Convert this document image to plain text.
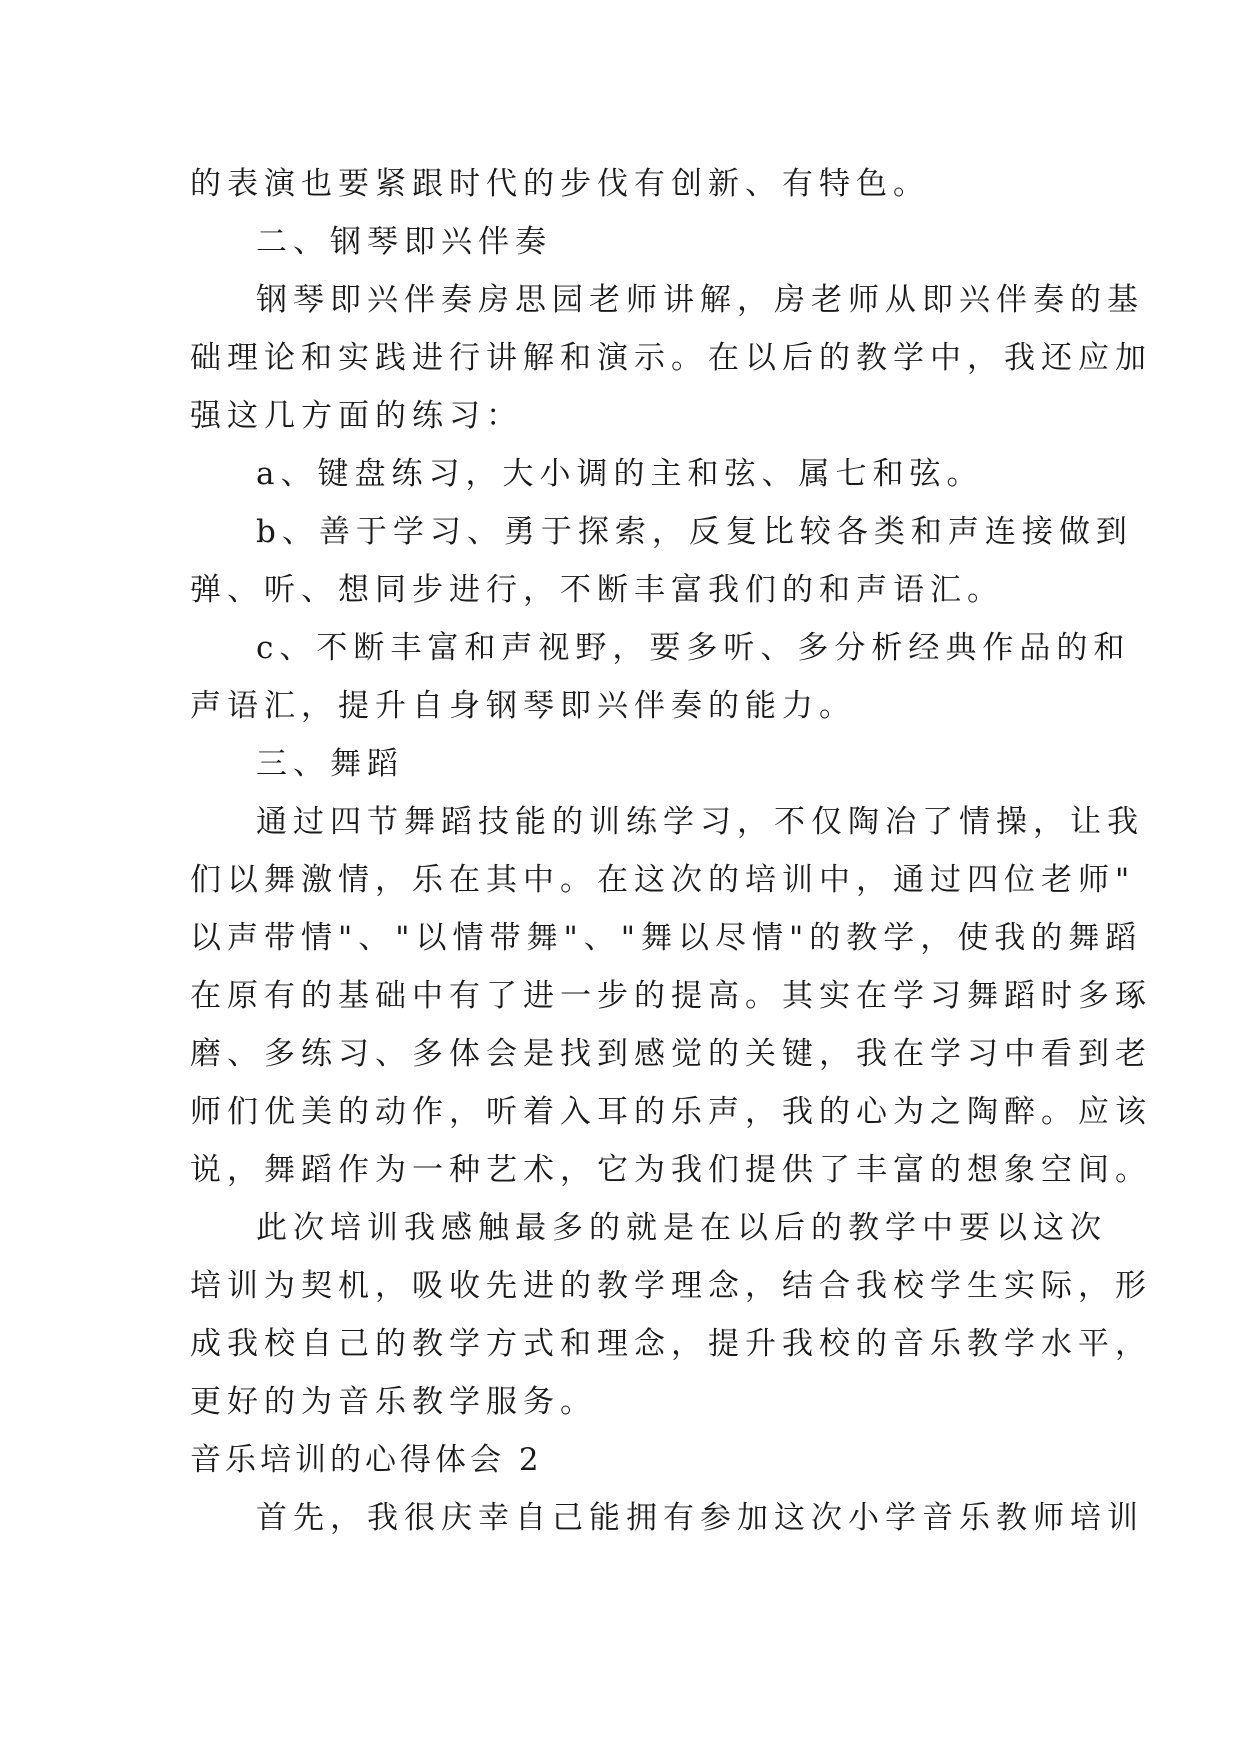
的表演也要紧跟时代的步伐有创新、有特色。
二、钢琴即兴伴奏
钢琴即兴伴奏房思园老师讲解，房老师从即兴伴奏的基
础理论和实践进行讲解和演示。在以后的教学中，我还应加
强这几方面的练习：
a、键盘练习，大小调的主和弦、属七和弦。
b、善于学习、勇于探索，反复比较各类和声连接做到
弹、听、想同步进行，不断丰富我们的和声语汇。
c、不断丰富和声视野，要多听、多分析经典作品的和
声语汇，提升自身钢琴即兴伴奏的能力。
三、舞蹈
通过四节舞蹈技能的训练学习，不仅陶冶了情操，让我
们以舞激情，乐在其中。在这次的培训中，通过四位老师"
以声带情"、"以情带舞"、"舞以尽情"的教学，使我的舞蹈
在原有的基础中有了进一步的提高。其实在学习舞蹈时多琢
磨、多练习、多体会是找到感觉的关键，我在学习中看到老
师们优美的动作，听着入耳的乐声，我的心为之陶醉。应该
说，舞蹈作为一种艺术，它为我们提供了丰富的想象空间。
此次培训我感触最多的就是在以后的教学中要以这次
培训为契机，吸收先进的教学理念，结合我校学生实际，形
成我校自己的教学方式和理念，提升我校的音乐教学水平，
更好的为音乐教学服务。
音乐培训的心得体会 2
首先，我很庆幸自己能拥有参加这次小学音乐教师培训
